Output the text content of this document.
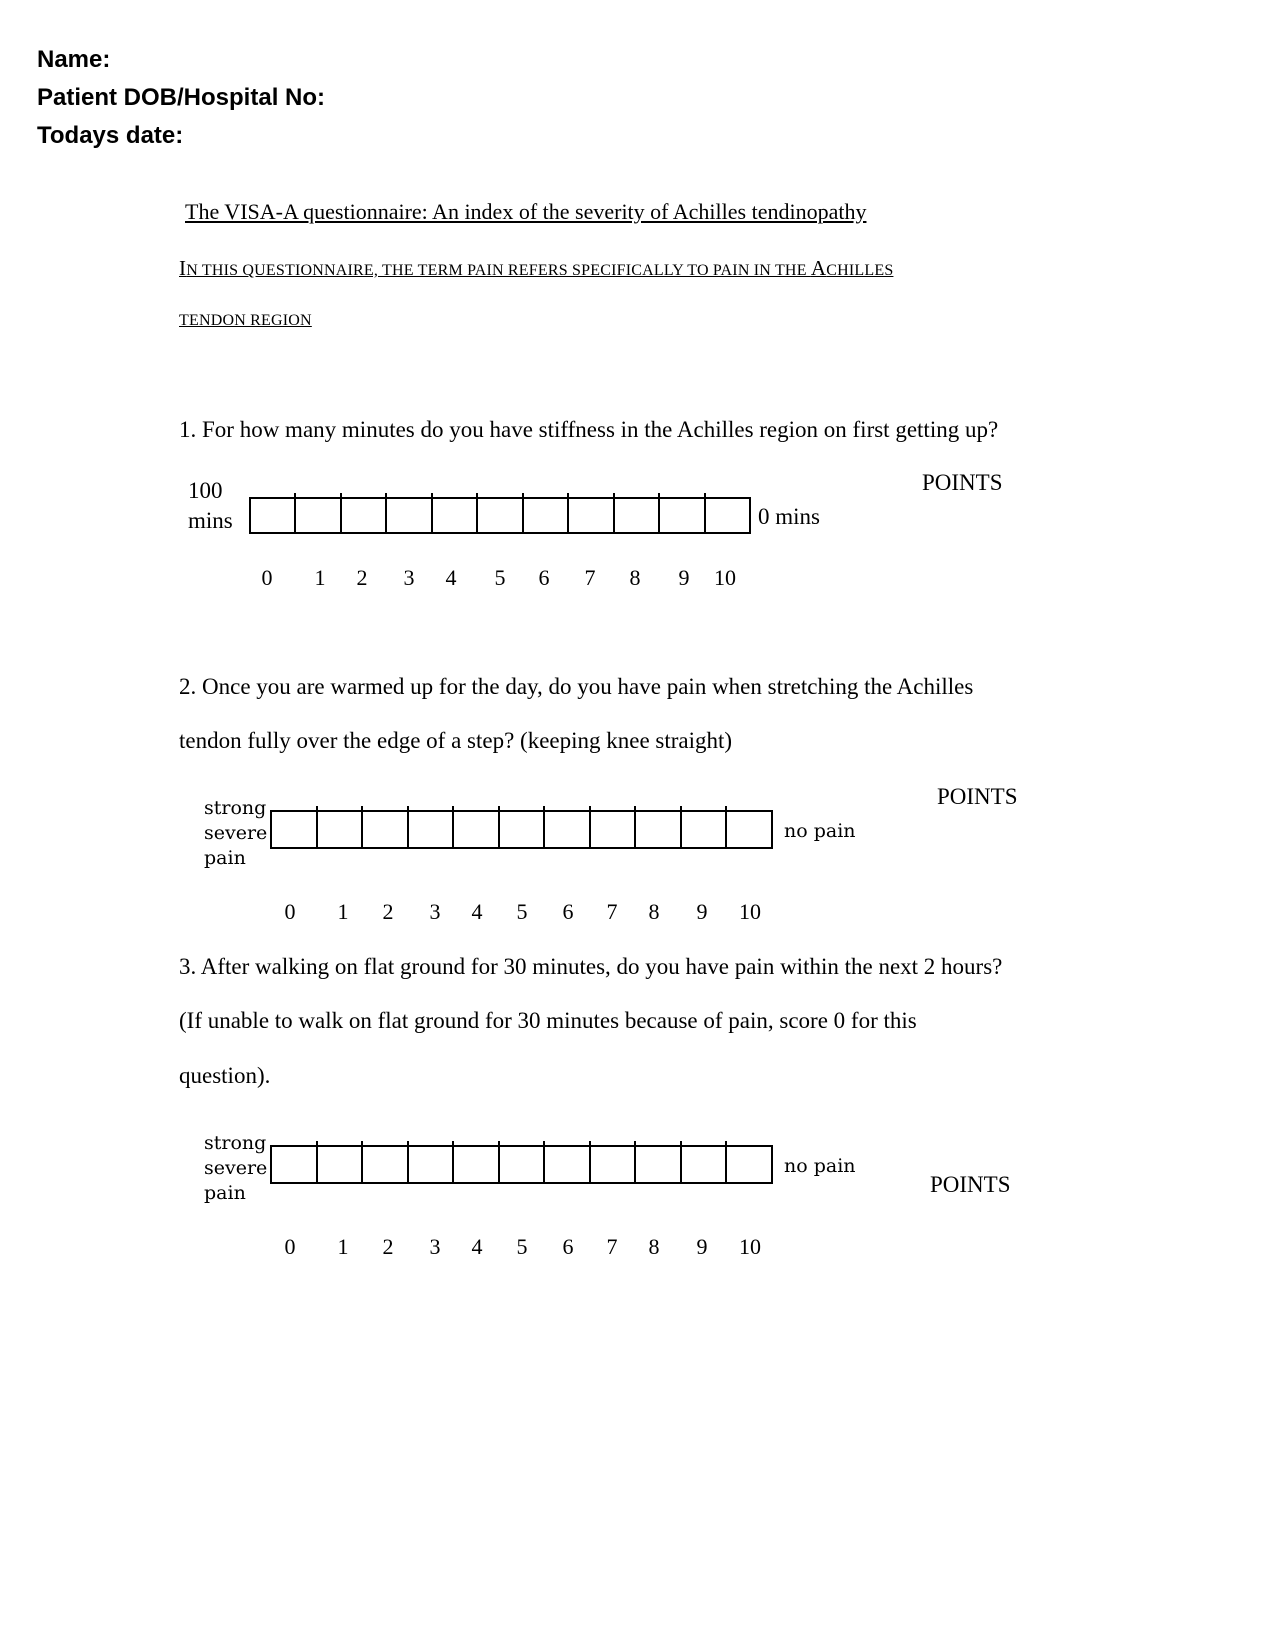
Name:
Patient DOB/Hospital No:
Todays date:
The VISA-A questionnaire: An index of the severity of Achilles tendinopathy
IN THIS QUESTIONNAIRE, THE TERM PAIN REFERS SPECIFICALLY TO PAIN IN THE ACHILLES
TENDON REGION
1. For how many minutes do you have stiffness in the Achilles region on first getting up?
POINTS
100
mins	0 mins
0 1 2 3 4 5 6 7 8 9 10
2. Once you are warmed up for the day, do you have pain when stretching the Achilles
tendon fully over the edge of a step? (keeping knee straight)
POINTS
strong
severe
pain
no pain
0 1 2 3 4 5 6 7 8 9 10
3. After walking on flat ground for 30 minutes, do you have pain within the next 2 hours?
(If unable to walk on flat ground for 30 minutes because of pain, score 0 for this
question).
strong
severe
pain
no pain
POINTS
0 1 2 3 4 5 6 7 8 9 10
